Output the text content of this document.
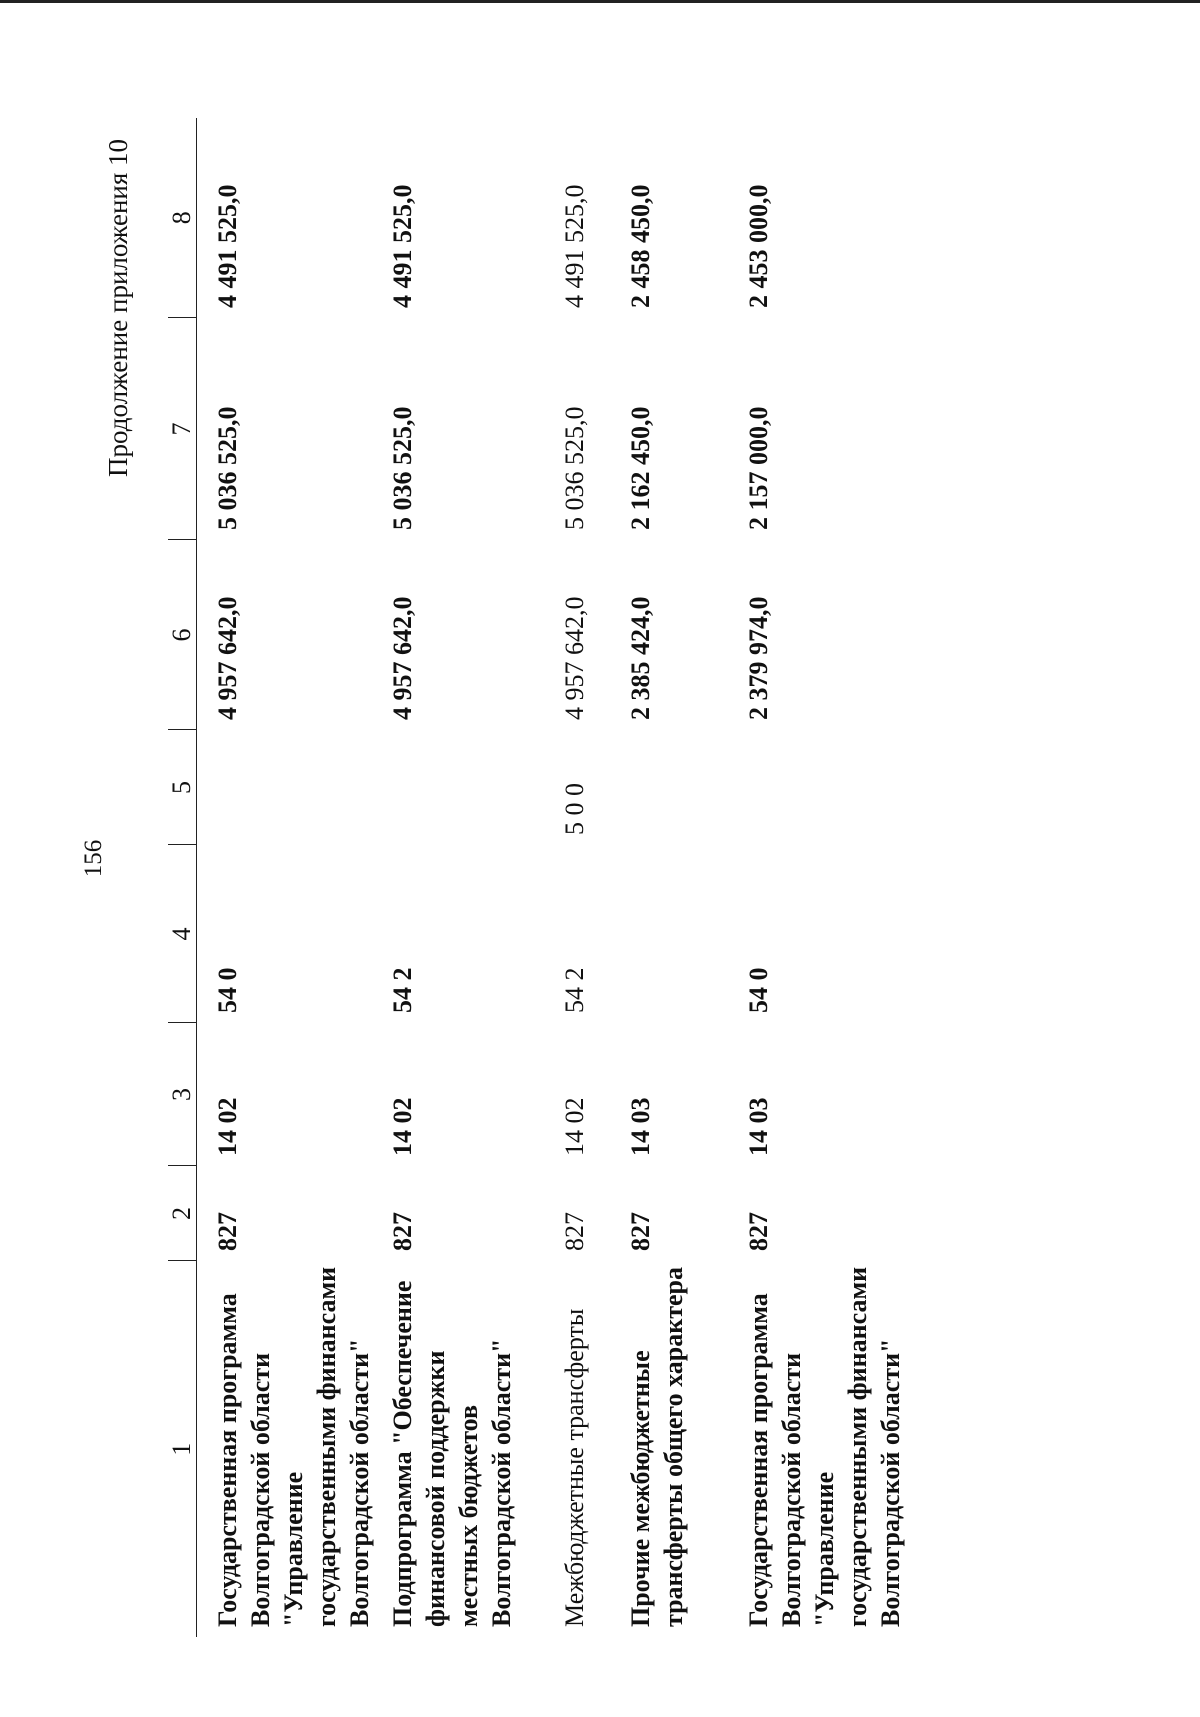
156
Продолжение приложения 10
1	2	3	4	5	6	7	8
Государственная программа Волгоградской области "Управление государственными финансами Волгоградской области"	827	14 02	54 0		4 957 642,0	5 036 525,0	4 491 525,0
Подпрограмма "Обеспечение финансовой поддержки местных бюджетов Волгоградской области"	827	14 02	54 2		4 957 642,0	5 036 525,0	4 491 525,0
Межбюджетные трансферты	827	14 02	54 2	5 0 0	4 957 642,0	5 036 525,0	4 491 525,0
Прочие межбюджетные трансферты общего характера	827	14 03			2 385 424,0	2 162 450,0	2 458 450,0
Государственная программа Волгоградской области "Управление государственными финансами Волгоградской области"	827	14 03	54 0		2 379 974,0	2 157 000,0	2 453 000,0
